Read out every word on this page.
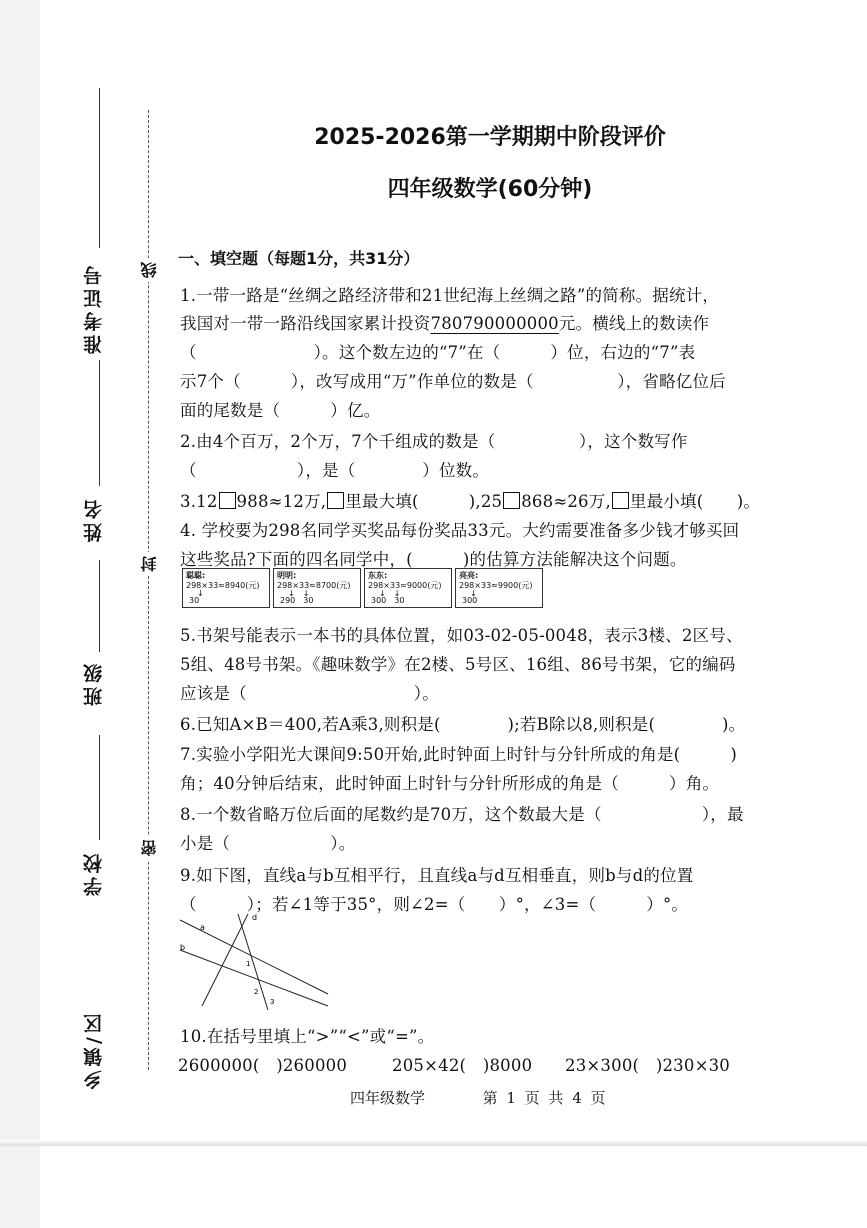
准考证号
姓名
班级
学校
乡镇/区
线
封
密
2025-2026第一学期期中阶段评价
四年级数学(60分钟)
一、填空题（每题1分，共31分）
1.一带一路是“丝绸之路经济带和21世纪海上丝绸之路”的简称。据统计，
我国对一带一路沿线国家累计投资780790000000元。横线上的数读作
（　　　　　　　）。这个数左边的“7”在（　　　）位，右边的“7”表
示7个（　　　），改写成用“万”作单位的数是（　　　　　），省略亿位后
面的尾数是（　　　）亿。
2.由4个百万，2个万，7个千组成的数是（　　　　　），这个数写作
（　　　　　　），是（　　　　）位数。
3.12 988≈12万, 里最大填(　　　),25 868≈26万, 里最小填(　　)。
4. 学校要为298名同学买奖品每份奖品33元。大约需要准备多少钱才够买回
这些奖品?下面的四名同学中，(　　　)的估算方法能解决这个问题。
聪聪:
298×33≈8940(元)
↓
30
明明:
298×33≈8700(元)
↓　↓
290　30
东东:
298×33≈9000(元)
↓　↓
300　30
亮亮:
298×33≈9900(元)
↓
300
5.书架号能表示一本书的具体位置，如03-02-05-0048，表示3楼、2区号、
5组、48号书架。《趣味数学》在2楼、5号区、16组、86号书架，它的编码
应该是（　　　　　　　　　　）。
6.已知A×B＝400,若A乘3,则积是(　　　　);若B除以8,则积是(　　　　)。
7.实验小学阳光大课间9:50开始,此时钟面上时针与分针所成的角是(　　　)
角；40分钟后结束，此时钟面上时针与分针所形成的角是（　　　）角。
8.一个数省略万位后面的尾数约是70万，这个数最大是（　　　　　　），最
小是（　　　　　　）。
9.如下图，直线a与b互相平行，且直线a与d互相垂直，则b与d的位置
（　　　）；若∠1等于35°，则∠2=（　　）°，∠3=（　　　）°。
a
b
d
1
2
3
10.在括号里填上“>”“<”或“=”。
2600000(　)260000	205×42(　)8000 23×300(　)230×30
四年级数学	第 1 页 共 4 页
